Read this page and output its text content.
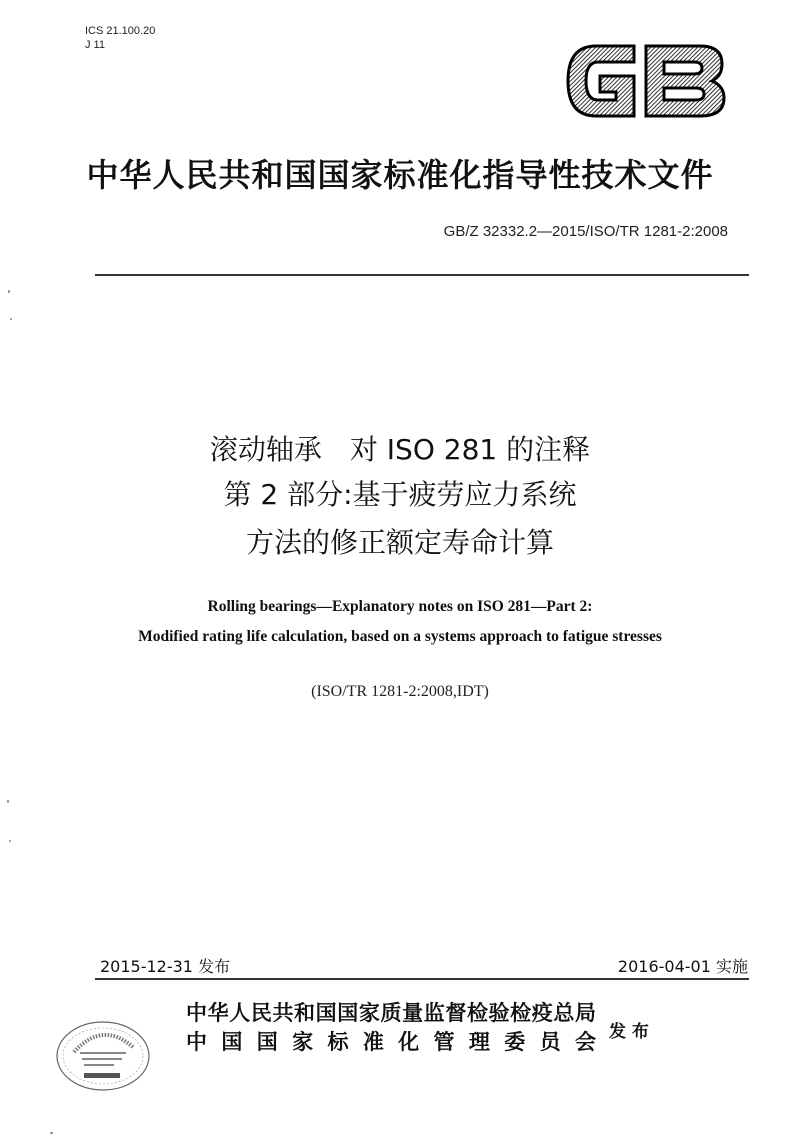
ICS 21.100.20
J 11
中华人民共和国国家标准化指导性技术文件
GB/Z 32332.2—2015/ISO/TR 1281-2:2008
滚动轴承　对 ISO 281 的注释
第 2 部分:基于疲劳应力系统
方法的修正额定寿命计算
Rolling bearings—Explanatory notes on ISO 281—Part 2:
Modified rating life calculation, based on a systems approach to fatigue stresses
(ISO/TR 1281-2:2008,IDT)
2015-12-31 发布	2016-04-01 实施
中华人民共和国国家质量监督检验检疫总局
中国国家标准化管理委员会 发 布
